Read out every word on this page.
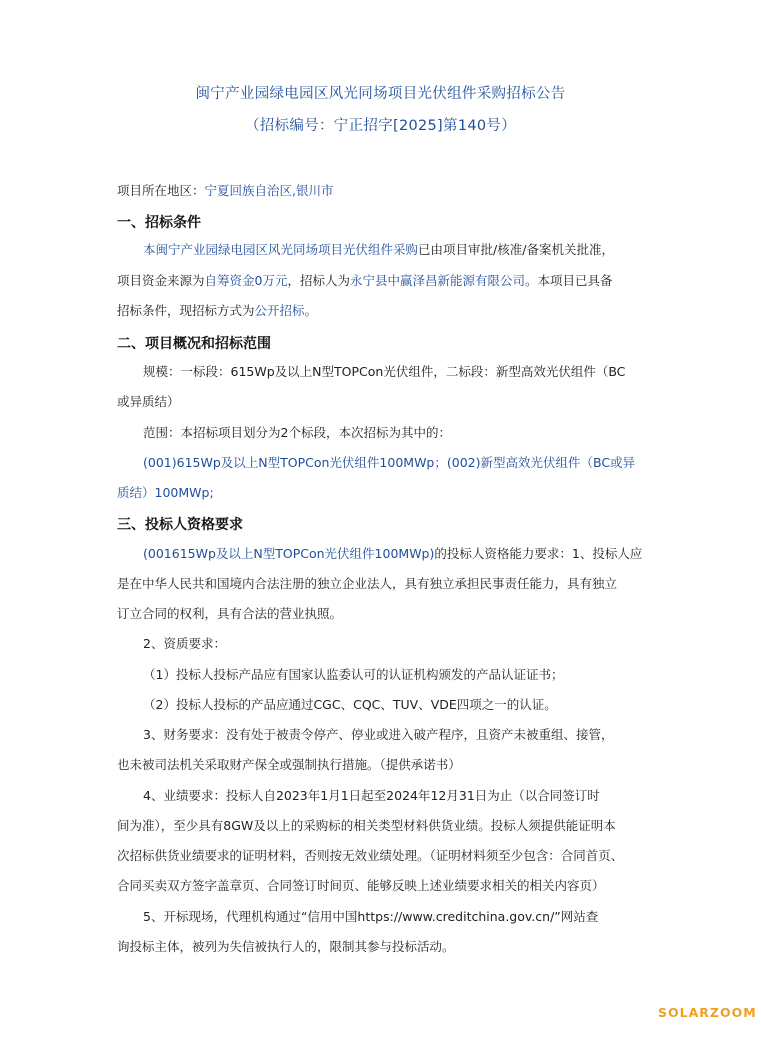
闽宁产业园绿电园区风光同场项目光伏组件采购招标公告
（招标编号：宁正招字[2025]第140号）
项目所在地区：宁夏回族自治区,银川市
一、招标条件
本闽宁产业园绿电园区风光同场项目光伏组件采购已由项目审批/核准/备案机关批准，
项目资金来源为自筹资金0万元，招标人为永宁县中赢泽昌新能源有限公司。本项目已具备
招标条件，现招标方式为公开招标。
二、项目概况和招标范围
规模：一标段：615Wp及以上N型TOPCon光伏组件，二标段：新型高效光伏组件（BC
或异质结）
范围：本招标项目划分为2个标段，本次招标为其中的：
(001)615Wp及以上N型TOPCon光伏组件100MWp；(002)新型高效光伏组件（BC或异
质结）100MWp;
三、投标人资格要求
(001615Wp及以上N型TOPCon光伏组件100MWp)的投标人资格能力要求：1、投标人应
是在中华人民共和国境内合法注册的独立企业法人，具有独立承担民事责任能力，具有独立
订立合同的权利，具有合法的营业执照。
2、资质要求：
（1）投标人投标产品应有国家认监委认可的认证机构颁发的产品认证证书；
（2）投标人投标的产品应通过CGC、CQC、TUV、VDE四项之一的认证。
3、财务要求：没有处于被责令停产、停业或进入破产程序，且资产未被重组、接管，
也未被司法机关采取财产保全或强制执行措施。（提供承诺书）
4、业绩要求：投标人自2023年1月1日起至2024年12月31日为止（以合同签订时
间为准），至少具有8GW及以上的采购标的相关类型材料供货业绩。投标人须提供能证明本
次招标供货业绩要求的证明材料，否则按无效业绩处理。（证明材料须至少包含：合同首页、
合同买卖双方签字盖章页、合同签订时间页、能够反映上述业绩要求相关的相关内容页）
5、开标现场，代理机构通过“信用中国https://www.creditchina.gov.cn/”网站查
询投标主体，被列为失信被执行人的，限制其参与投标活动。
SOLARZOOM
